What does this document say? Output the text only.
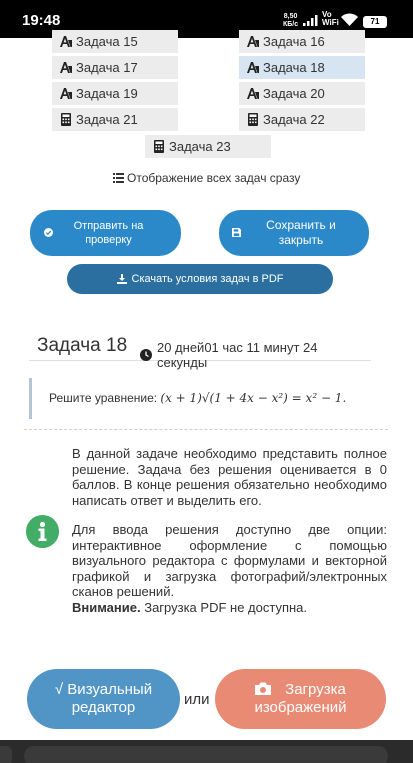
19:48	8,50
КБ/с
Vo
WiFi	71
Задача 15	Задача 16
Задача 17	Задача 18
Задача 19	Задача 20
Задача 21	Задача 22
Задача 23
Отображение всех задач сразу
Отправить на проверку
Сохранить и закрыть
Скачать условия задач в PDF
Задача 18 20 дней01 час 11 минут 24 секунды
Решите уравнение: (x + 1)√(1 + 4x − x²) = x² − 1.

В данной задаче необходимо представить полное решение. Задача без решения оценивается в 0 баллов. В конце решения обязательно необходимо написать ответ и выделить его.

Для ввода решения доступно две опции: интерактивное оформление с помощью визуального редактора с формулами и векторной графикой и загрузка фотографий/электронных сканов решений.
Внимание. Загрузка PDF не доступна.

√ Визуальный редактор	или
Загрузка изображений
